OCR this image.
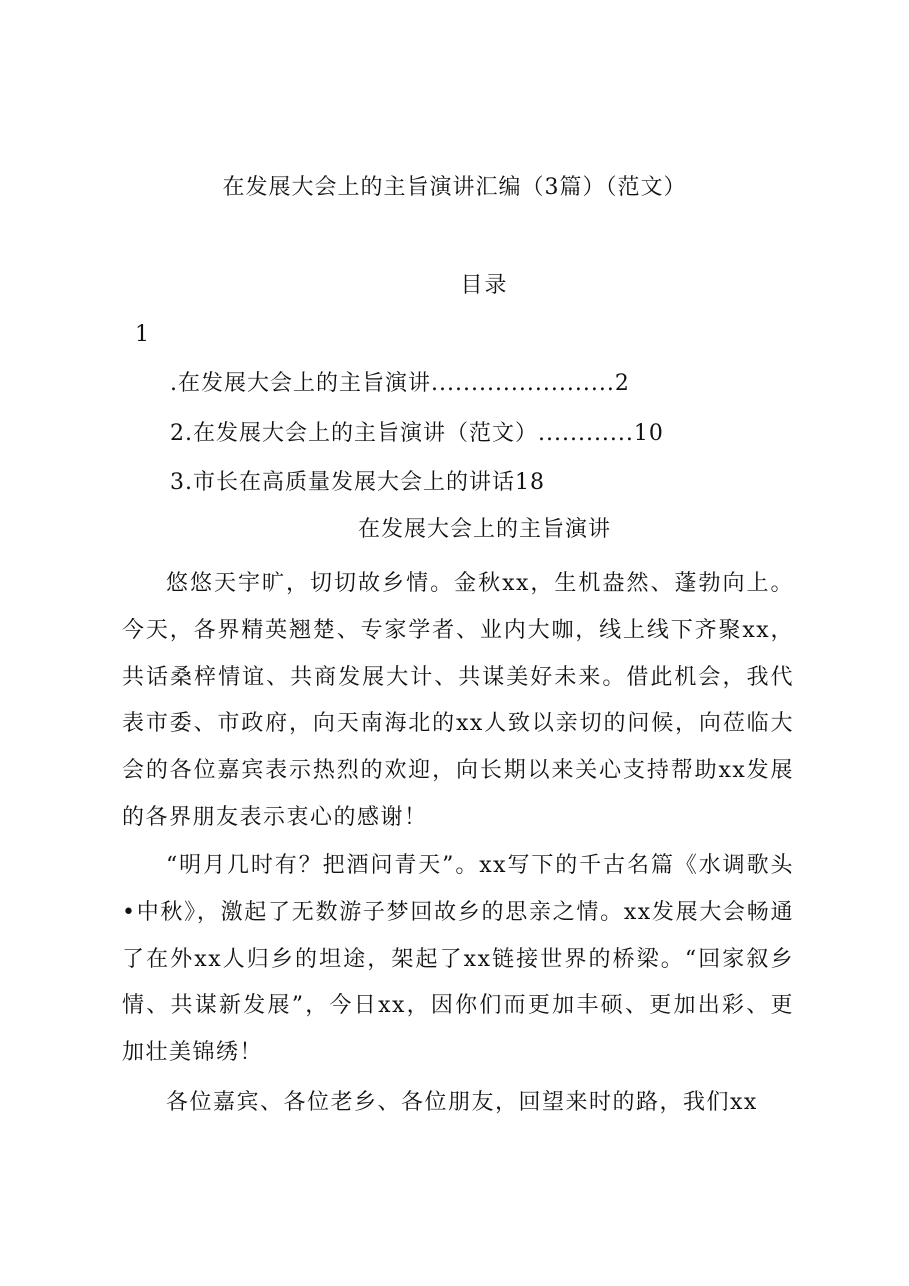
在发展大会上的主旨演讲汇编（3篇）（范文）
目录
1
.在发展大会上的主旨演讲.......................2
2.在发展大会上的主旨演讲（范文）............10
3.市长在高质量发展大会上的讲话18
在发展大会上的主旨演讲

悠悠天宇旷，切切故乡情。金秋xx，生机盎然、蓬勃向上。今天，各界精英翘楚、专家学者、业内大咖，线上线下齐聚xx，共话桑梓情谊、共商发展大计、共谋美好未来。借此机会，我代表市委、市政府，向天南海北的xx人致以亲切的问候，向莅临大会的各位嘉宾表示热烈的欢迎，向长期以来关心支持帮助xx发展的各界朋友表示衷心的感谢！

“明月几时有？把酒问青天”。xx写下的千古名篇《水调歌头•中秋》，激起了无数游子梦回故乡的思亲之情。xx发展大会畅通了在外xx人归乡的坦途，架起了xx链接世界的桥梁。“回家叙乡情、共谋新发展”，今日xx，因你们而更加丰硕、更加出彩、更加壮美锦绣！

各位嘉宾、各位老乡、各位朋友，回望来时的路，我们xx
